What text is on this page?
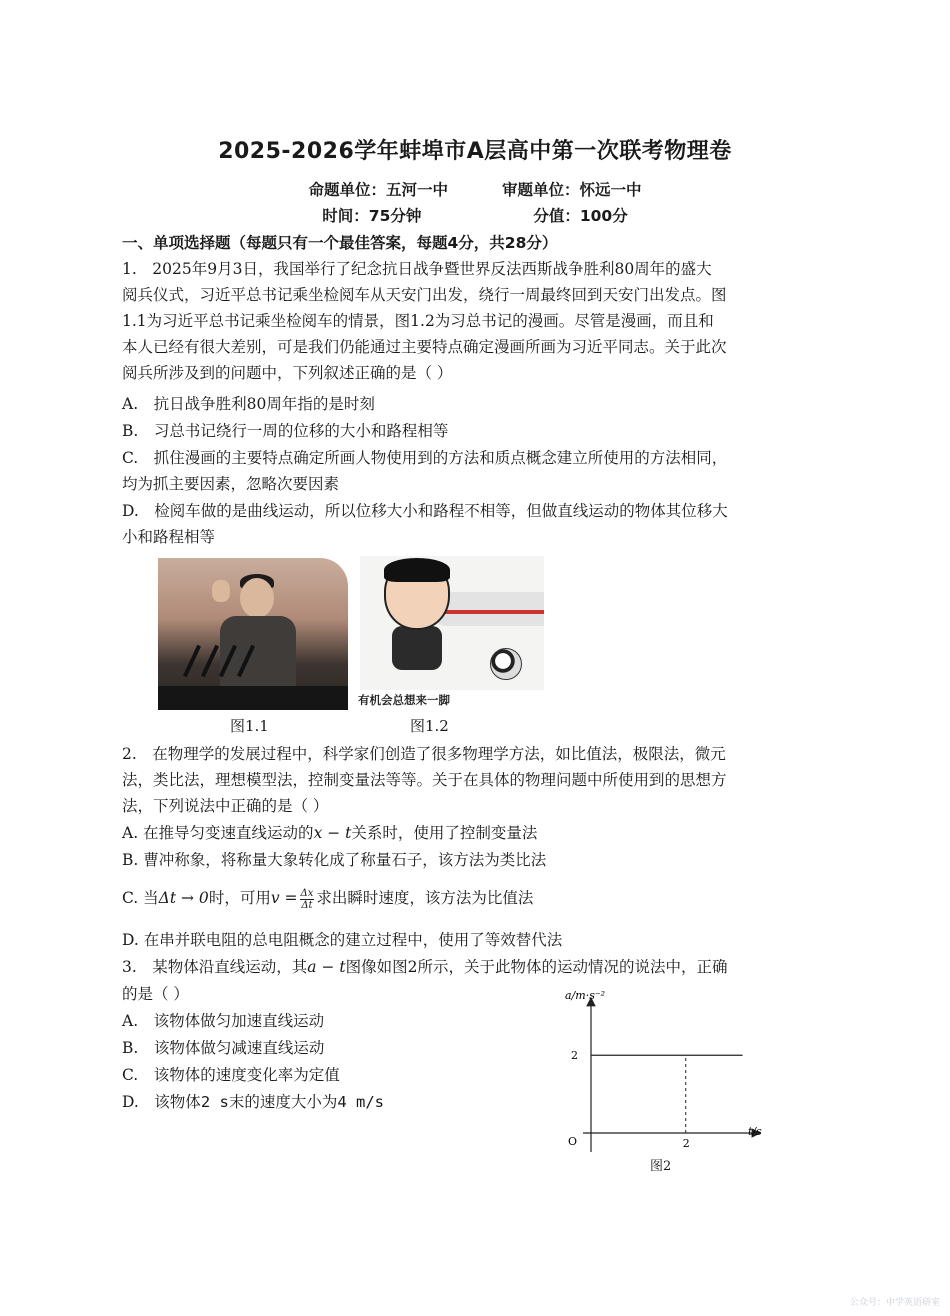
2025-2026学年蚌埠市A层高中第一次联考物理卷
命题单位：五河一中	审题单位：怀远一中
时间：75分钟	分值：100分
一、单项选择题（每题只有一个最佳答案，每题4分，共28分）
1.　2025年9月3日，我国举行了纪念抗日战争暨世界反法西斯战争胜利80周年的盛大
阅兵仪式，习近平总书记乘坐检阅车从天安门出发，绕行一周最终回到天安门出发点。图
1.1为习近平总书记乘坐检阅车的情景，图1.2为习总书记的漫画。尽管是漫画，而且和
本人已经有很大差别，可是我们仍能通过主要特点确定漫画所画为习近平同志。关于此次
阅兵所涉及到的问题中，下列叙述正确的是（ ）
A.　抗日战争胜利80周年指的是时刻
B.　习总书记绕行一周的位移的大小和路程相等
C.　抓住漫画的主要特点确定所画人物使用到的方法和质点概念建立所使用的方法相同，
均为抓主要因素，忽略次要因素
D.　检阅车做的是曲线运动，所以位移大小和路程不相等，但做直线运动的物体其位移大
小和路程相等
有机会总想来一脚
图1.1	图1.2
2.　在物理学的发展过程中，科学家们创造了很多物理学方法，如比值法，极限法，微元
法，类比法，理想模型法，控制变量法等等。关于在具体的物理问题中所使用到的思想方
法，下列说法中正确的是（ ）
A. 在推导匀变速直线运动的x − t关系时，使用了控制变量法
B. 曹冲称象，将称量大象转化成了称量石子，该方法为类比法
C. 当Δt → 0时，可用$v = \frac{\Delta x}{\Delta t}$ 求出瞬时速度，该方法为比值法
D. 在串并联电阻的总电阻概念的建立过程中，使用了等效替代法
3.　某物体沿直线运动，其a − t图像如图2所示，关于此物体的运动情况的说法中，正确
的是（ ）
A.　该物体做匀加速直线运动
B.　该物体做匀减速直线运动
C.　该物体的速度变化率为定值
D.　该物体2 s末的速度大小为4 m/s
a/m·s⁻²
t/s
O	2
2
图2
公众号：中学英语研室
